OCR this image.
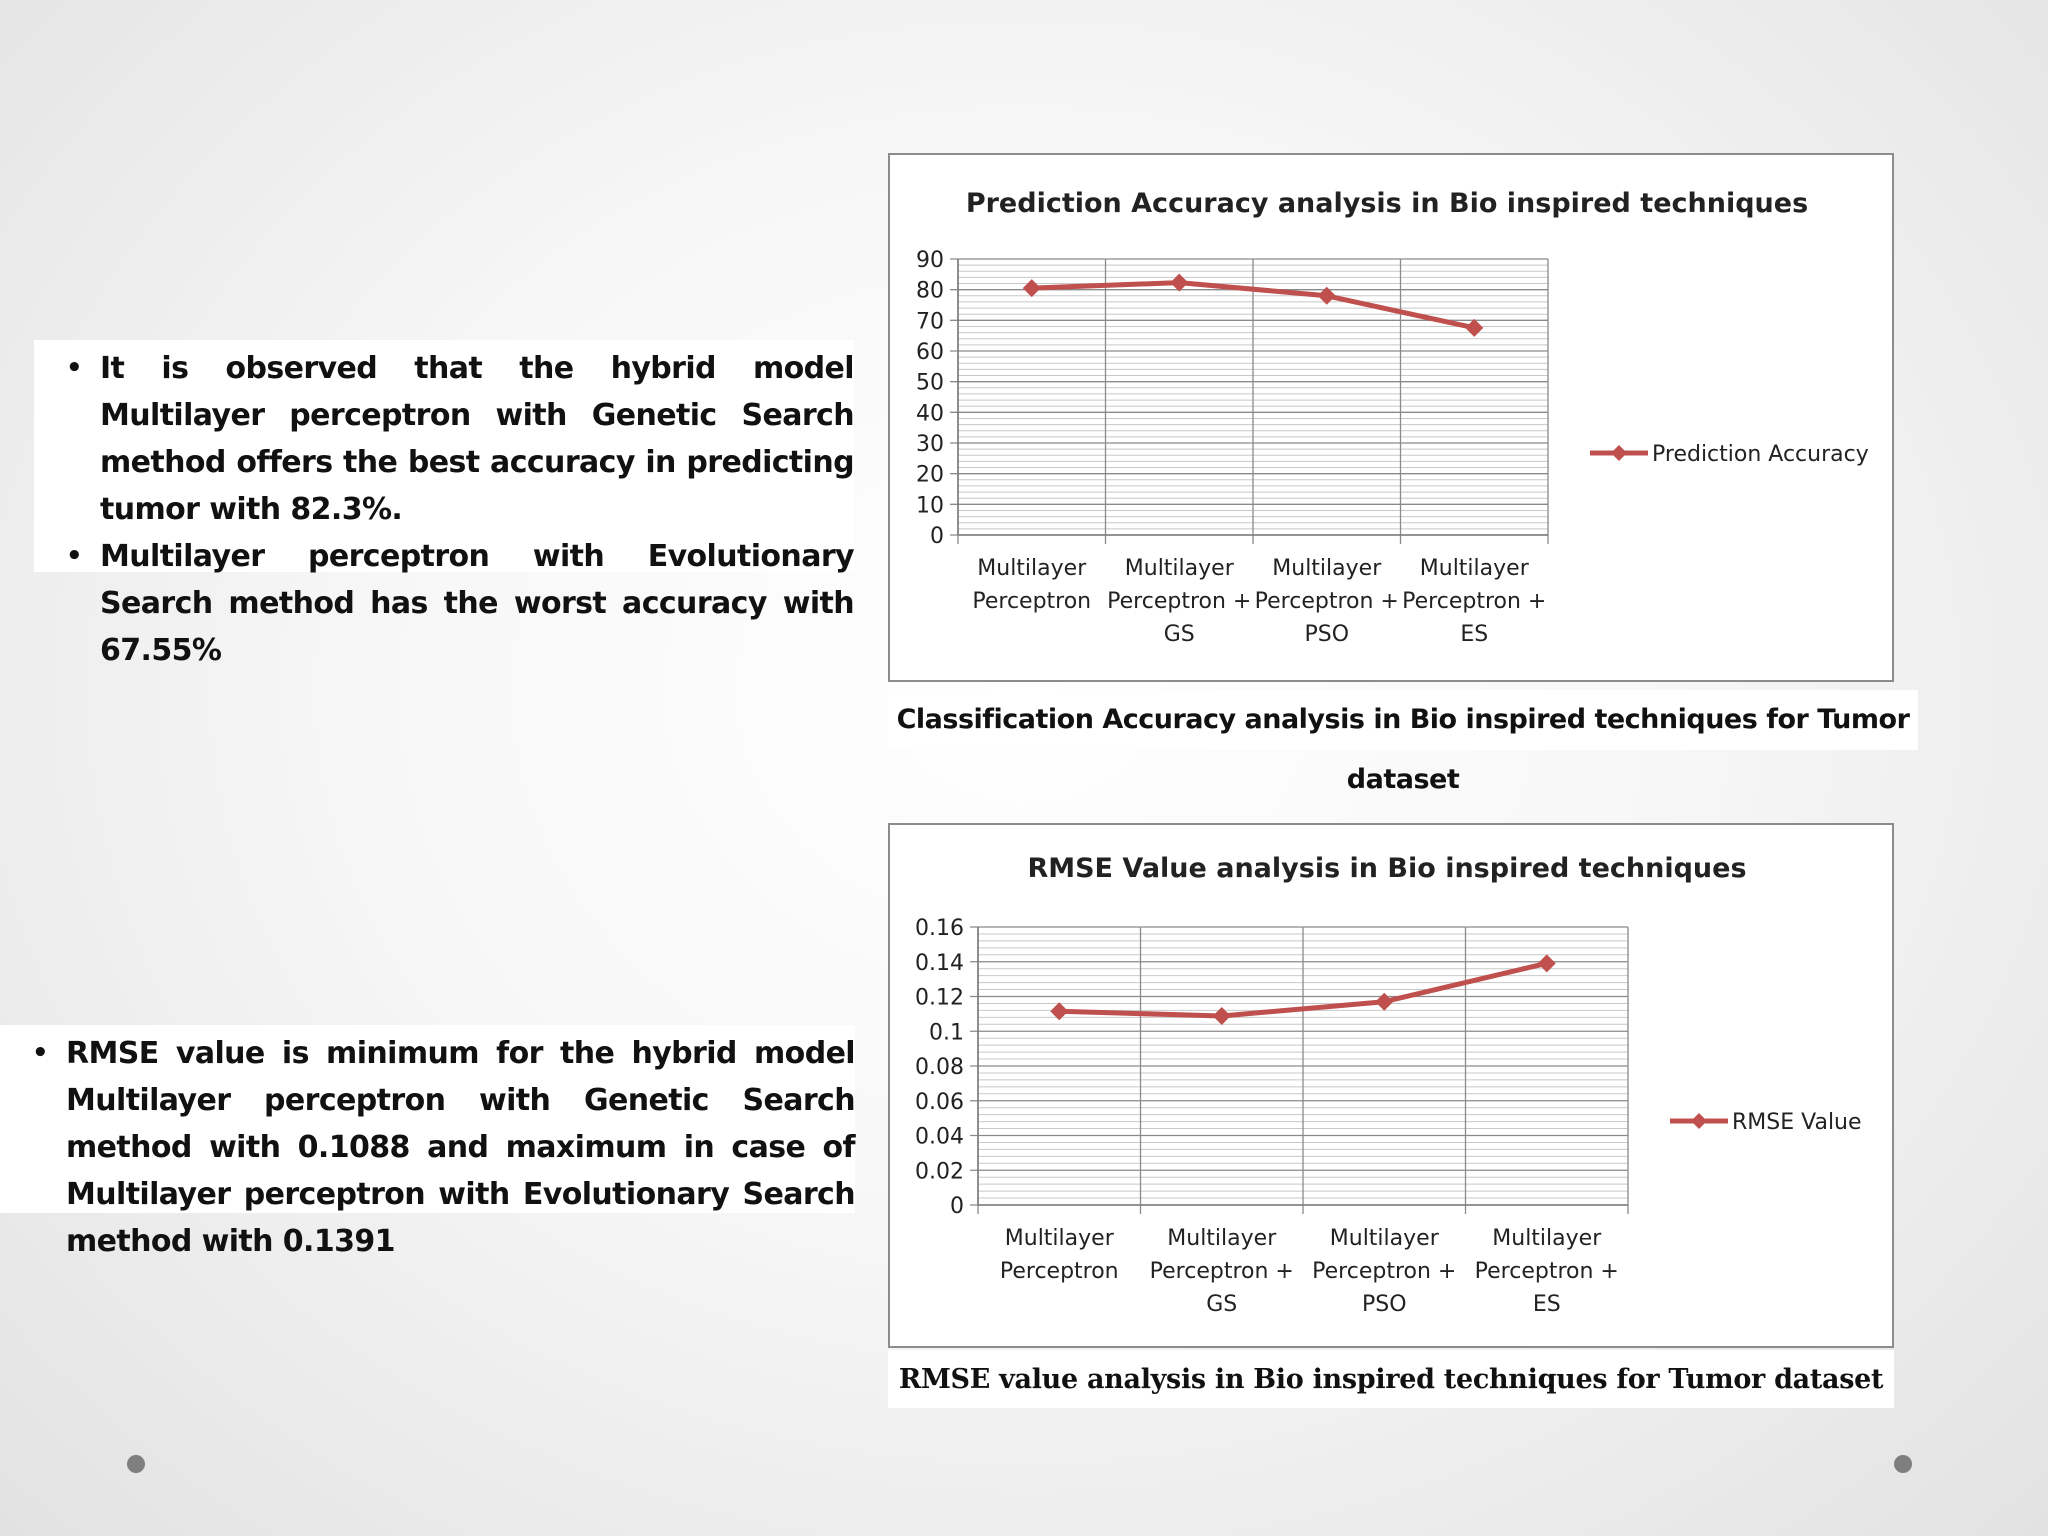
• It is observed that the hybrid model Multilayer perceptron with Genetic Search method offers the best accuracy in predicting tumor with 82.3%.
• Multilayer perceptron with Evolutionary Search method has the worst accuracy with 67.55%
• RMSE value is minimum for the hybrid model Multilayer perceptron with Genetic Search method with 0.1088 and maximum in case of Multilayer perceptron with Evolutionary Search method with 0.1391
Prediction Accuracy analysis in Bio inspired techniques
0
10
20
30
40
50
60
70
80
90
Multilayer Perceptron
Multilayer Perceptron + GS
Multilayer Perceptron + PSO
Multilayer Perceptron + ES
Prediction Accuracy
Classification Accuracy analysis in Bio inspired techniques for Tumor dataset
RMSE Value analysis in Bio inspired techniques
0
0.02
0.04
0.06
0.08
0.1
0.12
0.14
0.16
Multilayer Perceptron
Multilayer Perceptron + GS
Multilayer Perceptron + PSO
Multilayer Perceptron + ES
RMSE Value
RMSE value analysis in Bio inspired techniques for Tumor dataset
